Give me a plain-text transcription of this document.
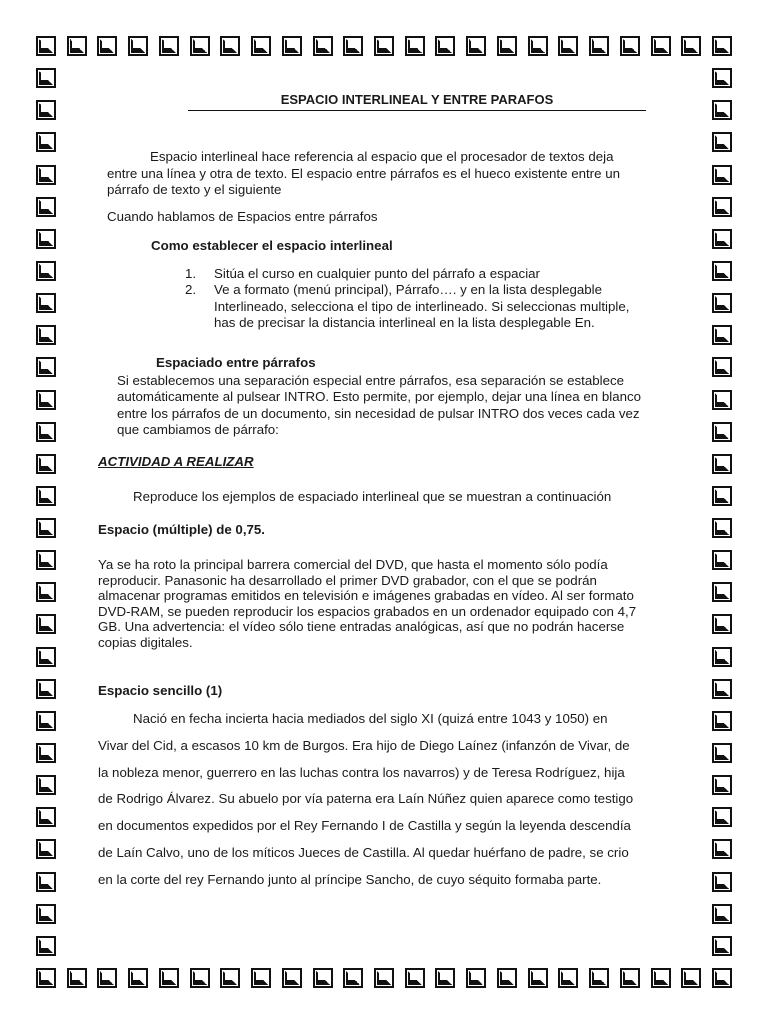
ESPACIO INTERLINEAL Y ENTRE PARAFOS
Espacio interlineal hace referencia al espacio que el procesador de textos deja entre una línea y otra de texto. El espacio entre párrafos es el hueco existente entre un párrafo de texto y el siguiente
Cuando hablamos de Espacios entre párrafos
Como establecer el espacio interlineal
1. Sitúa el curso en cualquier punto del párrafo a espaciar
2. Ve a formato (menú principal), Párrafo…. y en la lista desplegable Interlineado, selecciona el tipo de interlineado. Si seleccionas multiple, has de precisar la distancia interlineal en la lista desplegable En.
Espaciado entre párrafos
Si establecemos una separación especial entre párrafos, esa separación se establece automáticamente al pulsear INTRO. Esto permite, por ejemplo, dejar una línea en blanco entre los párrafos de un documento, sin necesidad de pulsar INTRO dos veces cada vez que cambiamos de párrafo:
ACTIVIDAD A REALIZAR
Reproduce los ejemplos de espaciado interlineal que se muestran a continuación
Espacio (múltiple) de 0,75.
Ya se ha roto la principal barrera comercial del DVD, que hasta el momento sólo podía reproducir. Panasonic ha desarrollado el primer DVD grabador, con el que se podrán almacenar programas emitidos en televisión e imágenes grabadas en vídeo. Al ser formato DVD-RAM, se pueden reproducir los espacios grabados en un ordenador equipado con 4,7 GB. Una advertencia: el vídeo sólo tiene entradas analógicas, así que no podrán hacerse copias digitales.
Espacio sencillo (1)
Nació en fecha incierta hacia mediados del siglo XI (quizá entre 1043 y 1050) en Vivar del Cid, a escasos 10 km de Burgos. Era hijo de Diego Laínez (infanzón de Vivar, de la nobleza menor, guerrero en las luchas contra los navarros) y de Teresa Rodríguez, hija de Rodrigo Álvarez. Su abuelo por vía paterna era Laín Núñez quien aparece como testigo en documentos expedidos por el Rey Fernando I de Castilla y según la leyenda descendía de Laín Calvo, uno de los míticos Jueces de Castilla. Al quedar huérfano de padre, se crio en la corte del rey Fernando junto al príncipe Sancho, de cuyo séquito formaba parte.
